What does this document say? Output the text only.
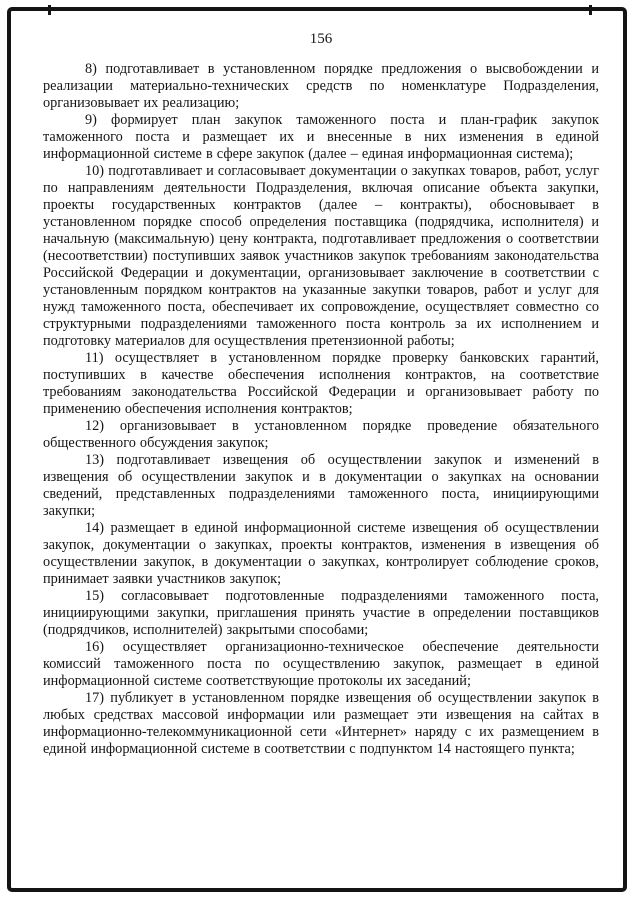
156

8) подготавливает в установленном порядке предложения о высвобождении и реализации материально-технических средств по номенклатуре Подразделения, организовывает их реализацию;

9) формирует план закупок таможенного поста и план-график закупок таможенного поста и размещает их и внесенные в них изменения в единой информационной системе в сфере закупок (далее – единая информационная система);

10) подготавливает и согласовывает документации о закупках товаров, работ, услуг по направлениям деятельности Подразделения, включая описание объекта закупки, проекты государственных контрактов (далее – контракты), обосновывает в установленном порядке способ определения поставщика (подрядчика, исполнителя) и начальную (максимальную) цену контракта, подготавливает предложения о соответствии (несоответствии) поступивших заявок участников закупок требованиям законодательства Российской Федерации и документации, организовывает заключение в соответствии с установленным порядком контрактов на указанные закупки товаров, работ и услуг для нужд таможенного поста, обеспечивает их сопровождение, осуществляет совместно со структурными подразделениями таможенного поста контроль за их исполнением и подготовку материалов для осуществления претензионной работы;

11) осуществляет в установленном порядке проверку банковских гарантий, поступивших в качестве обеспечения исполнения контрактов, на соответствие требованиям законодательства Российской Федерации и организовывает работу по применению обеспечения исполнения контрактов;

12) организовывает в установленном порядке проведение обязательного общественного обсуждения закупок;

13) подготавливает извещения об осуществлении закупок и изменений в извещения об осуществлении закупок и в документации о закупках на основании сведений, представленных подразделениями таможенного поста, инициирующими закупки;

14) размещает в единой информационной системе извещения об осуществлении закупок, документации о закупках, проекты контрактов, изменения в извещения об осуществлении закупок, в документации о закупках, контролирует соблюдение сроков, принимает заявки участников закупок;

15) согласовывает подготовленные подразделениями таможенного поста, инициирующими закупки, приглашения принять участие в определении поставщиков (подрядчиков, исполнителей) закрытыми способами;

16) осуществляет организационно-техническое обеспечение деятельности комиссий таможенного поста по осуществлению закупок, размещает в единой информационной системе соответствующие протоколы их заседаний;

17) публикует в установленном порядке извещения об осуществлении закупок в любых средствах массовой информации или размещает эти извещения на сайтах в информационно-телекоммуникационной сети «Интернет» наряду с их размещением в единой информационной системе в соответствии с подпунктом 14 настоящего пункта;
